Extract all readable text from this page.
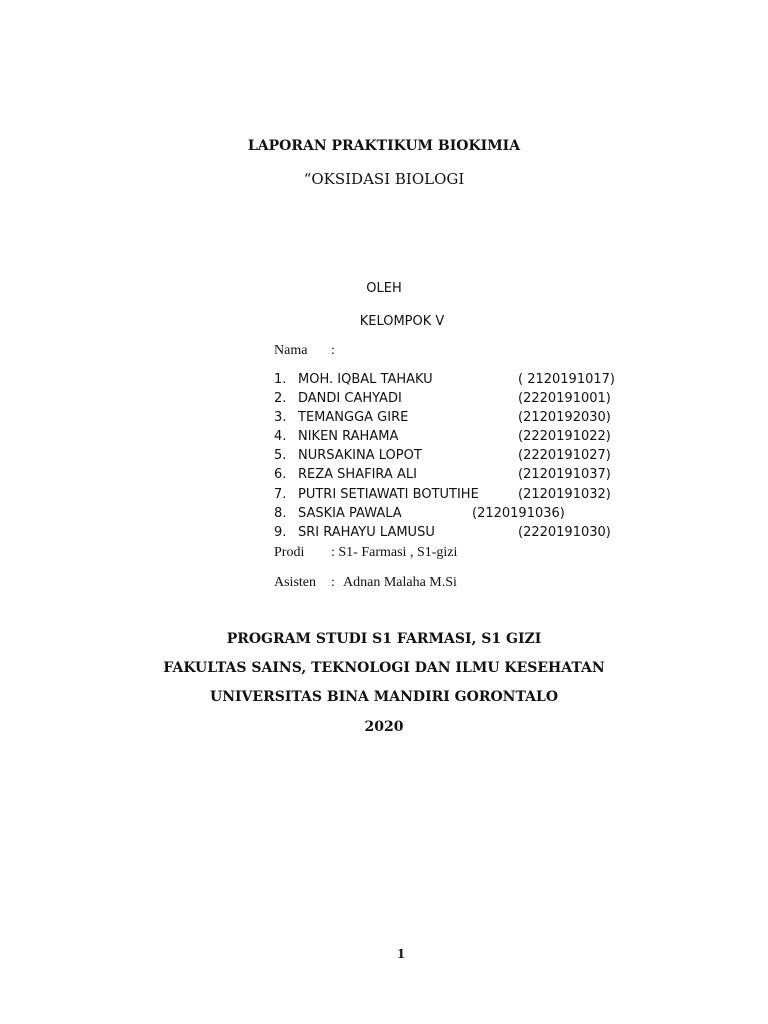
LAPORAN PRAKTIKUM BIOKIMIA
“OKSIDASI BIOLOGI
OLEH
KELOMPOK V
Nama :
1. MOH. IQBAL TAHAKU	( 2120191017)
2. DANDI CAHYADI	(2220191001)
3. TEMANGGA GIRE	(2120192030)
4. NIKEN RAHAMA	(2220191022)
5. NURSAKINA LOPOT	(2220191027)
6. REZA SHAFIRA ALI	(2120191037)
7. PUTRI SETIAWATI BOTUTIHE	(2120191032)
8. SASKIA PAWALA	(2120191036)
9. SRI RAHAYU LAMUSU	(2220191030)
Prodi : S1- Farmasi , S1-gizi
Asisten : Adnan Malaha M.Si
PROGRAM STUDI S1 FARMASI, S1 GIZI
FAKULTAS SAINS, TEKNOLOGI DAN ILMU KESEHATAN
UNIVERSITAS BINA MANDIRI GORONTALO
2020
1
